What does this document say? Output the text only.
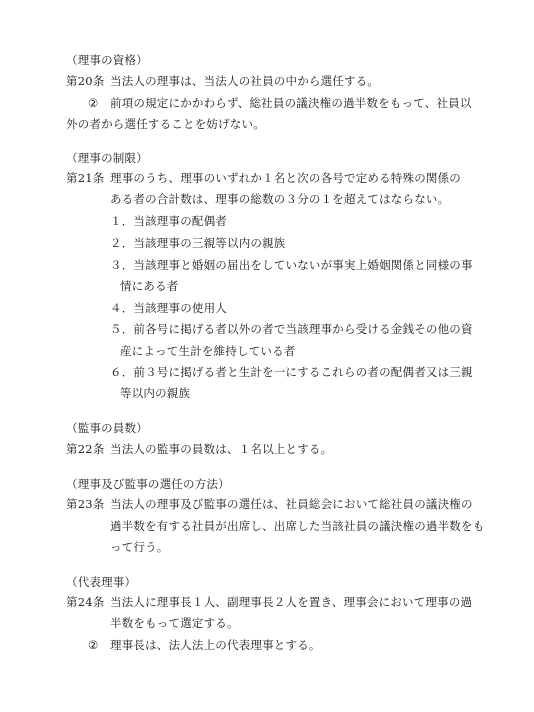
（理事の資格）
第20条 当法人の理事は、当法人の社員の中から選任する。
② 前項の規定にかかわらず、総社員の議決権の過半数をもって、社員以
外の者から選任することを妨げない。
（理事の制限）
第21条 理事のうち、理事のいずれか１名と次の各号で定める特殊の関係の
ある者の合計数は、理事の総数の３分の１を超えてはならない。
１．当該理事の配偶者
２．当該理事の三親等以内の親族
３．当該理事と婚姻の届出をしていないが事実上婚姻関係と同様の事
情にある者
４．当該理事の使用人
５．前各号に掲げる者以外の者で当該理事から受ける金銭その他の資
産によって生計を維持している者
６．前３号に掲げる者と生計を一にするこれらの者の配偶者又は三親
等以内の親族
（監事の員数）
第22条 当法人の監事の員数は、１名以上とする。
（理事及び監事の選任の方法）
第23条 当法人の理事及び監事の選任は、社員総会において総社員の議決権の
過半数を有する社員が出席し、出席した当該社員の議決権の過半数をも
って行う。
（代表理事）
第24条 当法人に理事長１人、副理事長２人を置き、理事会において理事の過
半数をもって選定する。
② 理事長は、法人法上の代表理事とする。
